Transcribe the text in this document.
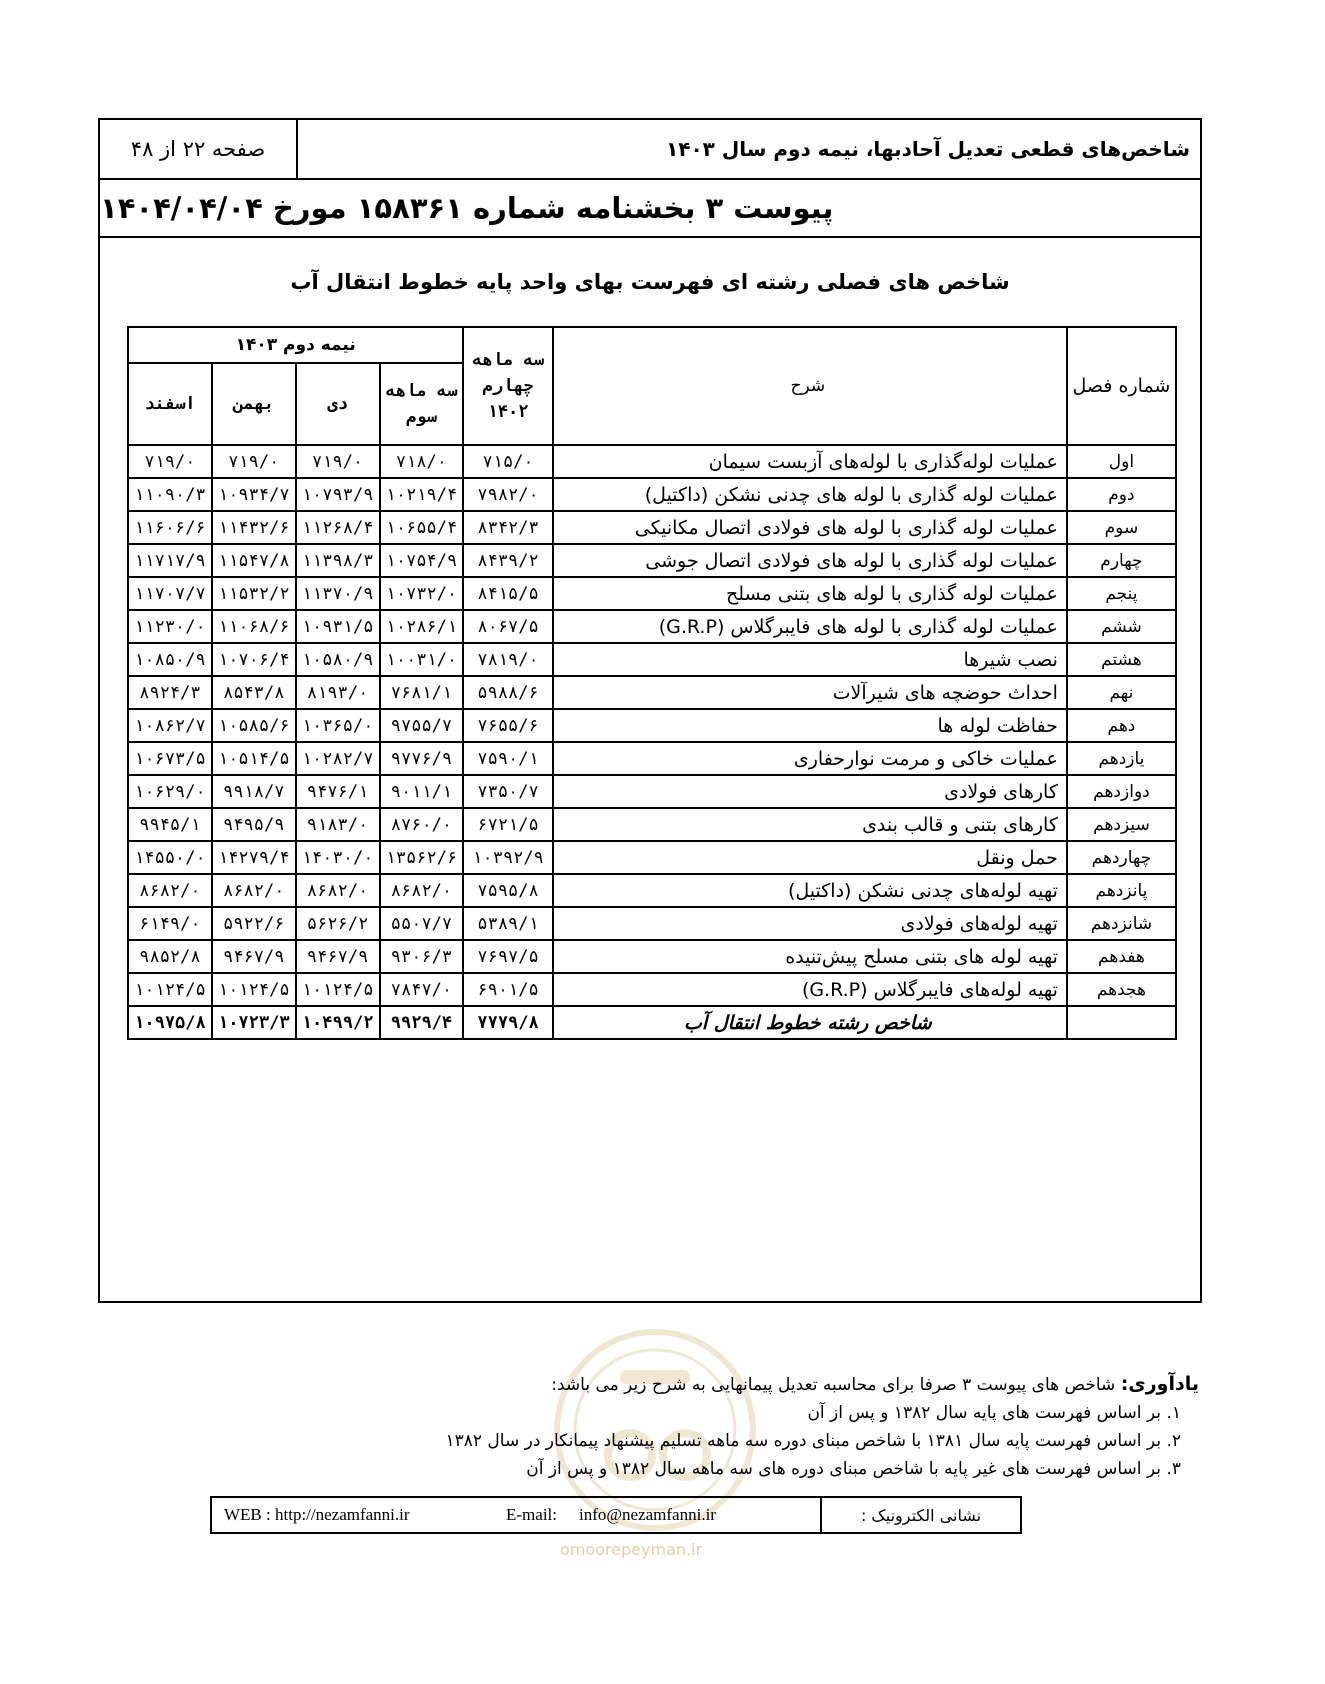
صفحه ۲۲ از ۴۸	شاخص‌های قطعی تعدیل آحادبها، نیمه دوم سال ۱۴۰۳
پیوست ۳ بخشنامه شماره ۱۵۸۳۶۱ مورخ ۱۴۰۴/۰۴/۰۴
شاخص های فصلی رشته ای فهرست بهای واحد پایه خطوط انتقال آب
شماره فصل	شرح	سه ماهه چهارم ۱۴۰۲	نیمه دوم ۱۴۰۳			
			سه ماهه سوم	دی	بهمن	اسفند
اول	عملیات لوله‌گذاری با لوله‌های آزبست سیمان	۷۱۵/۰	۷۱۸/۰	۷۱۹/۰	۷۱۹/۰	۷۱۹/۰
دوم	عملیات لوله گذاری با لوله های چدنی نشکن (داکتیل)	۷۹۸۲/۰	۱۰۲۱۹/۴	۱۰۷۹۳/۹	۱۰۹۳۴/۷	۱۱۰۹۰/۳
سوم	عملیات لوله گذاری با لوله های فولادی اتصال مکانیکی	۸۳۴۲/۳	۱۰۶۵۵/۴	۱۱۲۶۸/۴	۱۱۴۳۲/۶	۱۱۶۰۶/۶
چهارم	عملیات لوله گذاری با لوله های فولادی اتصال جوشی	۸۴۳۹/۲	۱۰۷۵۴/۹	۱۱۳۹۸/۳	۱۱۵۴۷/۸	۱۱۷۱۷/۹
پنجم	عملیات لوله گذاری با لوله های بتنی مسلح	۸۴۱۵/۵	۱۰۷۳۲/۰	۱۱۳۷۰/۹	۱۱۵۳۲/۲	۱۱۷۰۷/۷
ششم	عملیات لوله گذاری با لوله های فایبرگلاس (G.R.P)	۸۰۶۷/۵	۱۰۲۸۶/۱	۱۰۹۳۱/۵	۱۱۰۶۸/۶	۱۱۲۳۰/۰
هشتم	نصب شیرها	۷۸۱۹/۰	۱۰۰۳۱/۰	۱۰۵۸۰/۹	۱۰۷۰۶/۴	۱۰۸۵۰/۹
نهم	احداث حوضچه های شیرآلات	۵۹۸۸/۶	۷۶۸۱/۱	۸۱۹۳/۰	۸۵۴۳/۸	۸۹۲۴/۳
دهم	حفاظت لوله ها	۷۶۵۵/۶	۹۷۵۵/۷	۱۰۳۶۵/۰	۱۰۵۸۵/۶	۱۰۸۶۲/۷
یازدهم	عملیات خاکی و مرمت نوارحفاری	۷۵۹۰/۱	۹۷۷۶/۹	۱۰۲۸۲/۷	۱۰۵۱۴/۵	۱۰۶۷۳/۵
دوازدهم	کارهای فولادی	۷۳۵۰/۷	۹۰۱۱/۱	۹۴۷۶/۱	۹۹۱۸/۷	۱۰۶۲۹/۰
سیزدهم	کارهای بتنی و قالب بندی	۶۷۲۱/۵	۸۷۶۰/۰	۹۱۸۳/۰	۹۴۹۵/۹	۹۹۴۵/۱
چهاردهم	حمل ونقل	۱۰۳۹۲/۹	۱۳۵۶۲/۶	۱۴۰۳۰/۰	۱۴۲۷۹/۴	۱۴۵۵۰/۰
پانزدهم	تهیه لوله‌های چدنی نشکن (داکتیل)	۷۵۹۵/۸	۸۶۸۲/۰	۸۶۸۲/۰	۸۶۸۲/۰	۸۶۸۲/۰
شانزدهم	تهیه لوله‌های فولادی	۵۳۸۹/۱	۵۵۰۷/۷	۵۶۲۶/۲	۵۹۲۲/۶	۶۱۴۹/۰
هفدهم	تهیه لوله های بتنی مسلح پیش‌تنیده	۷۶۹۷/۵	۹۳۰۶/۳	۹۴۶۷/۹	۹۴۶۷/۹	۹۸۵۲/۸
هجدهم	تهیه لوله‌های فایبرگلاس (G.R.P)	۶۹۰۱/۵	۷۸۴۷/۰	۱۰۱۲۴/۵	۱۰۱۲۴/۵	۱۰۱۲۴/۵
	شاخص رشته خطوط انتقال آب	۷۷۷۹/۸	۹۹۲۹/۴	۱۰۴۹۹/۲	۱۰۷۲۳/۳	۱۰۹۷۵/۸
یادآوری: شاخص های پیوست ۳ صرفا برای محاسبه تعدیل پیمانهایی به شرح زیر می باشد:
۱. بر اساس فهرست های پایه سال ۱۳۸۲ و پس از آن
۲. بر اساس فهرست پایه سال ۱۳۸۱ با شاخص مبنای دوره سه ماهه تسلیم پیشنهاد پیمانکار در سال ۱۳۸۲
۳. بر اساس فهرست های غیر پایه با شاخص مبنای دوره های سه ماهه سال ۱۳۸۲ و پس از آن
نشانی الکترونیک :
WEB : http://nezamfanni.ir	E-mail: info@nezamfanni.ir
omoorepeyman.ir
